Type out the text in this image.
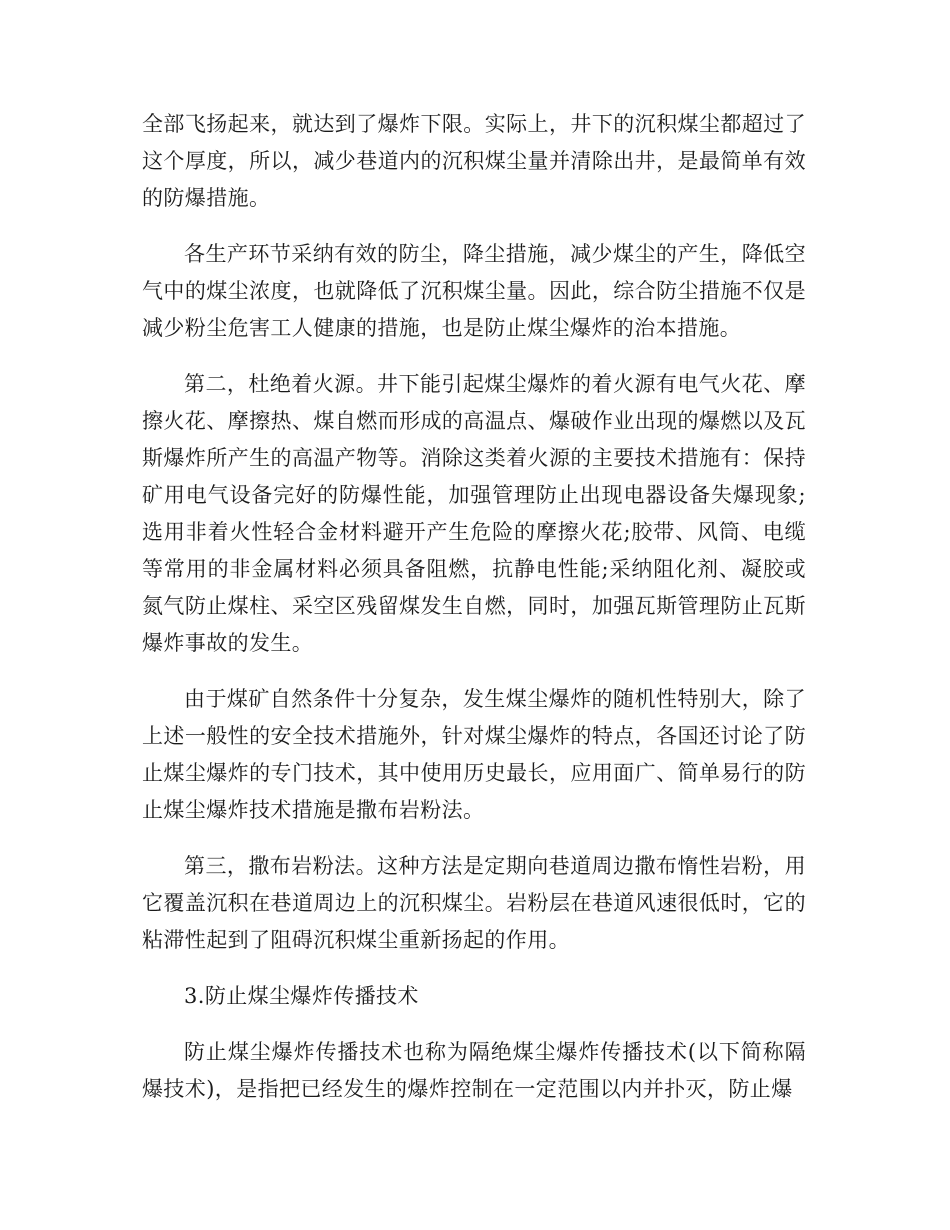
全部飞扬起来，就达到了爆炸下限。实际上，井下的沉积煤尘都超过了这个厚度，所以，减少巷道内的沉积煤尘量并清除出井，是最简单有效的防爆措施。

各生产环节采纳有效的防尘，降尘措施，减少煤尘的产生，降低空气中的煤尘浓度，也就降低了沉积煤尘量。因此，综合防尘措施不仅是减少粉尘危害工人健康的措施，也是防止煤尘爆炸的治本措施。

第二，杜绝着火源。井下能引起煤尘爆炸的着火源有电气火花、摩擦火花、摩擦热、煤自燃而形成的高温点、爆破作业出现的爆燃以及瓦斯爆炸所产生的高温产物等。消除这类着火源的主要技术措施有：保持矿用电气设备完好的防爆性能，加强管理防止出现电器设备失爆现象;选用非着火性轻合金材料避开产生危险的摩擦火花;胶带、风筒、电缆等常用的非金属材料必须具备阻燃，抗静电性能;采纳阻化剂、凝胶或氮气防止煤柱、采空区残留煤发生自燃，同时，加强瓦斯管理防止瓦斯爆炸事故的发生。

由于煤矿自然条件十分复杂，发生煤尘爆炸的随机性特别大，除了上述一般性的安全技术措施外，针对煤尘爆炸的特点，各国还讨论了防止煤尘爆炸的专门技术，其中使用历史最长，应用面广、简单易行的防止煤尘爆炸技术措施是撒布岩粉法。

第三，撒布岩粉法。这种方法是定期向巷道周边撒布惰性岩粉，用它覆盖沉积在巷道周边上的沉积煤尘。岩粉层在巷道风速很低时，它的粘滞性起到了阻碍沉积煤尘重新扬起的作用。

3.防止煤尘爆炸传播技术

防止煤尘爆炸传播技术也称为隔绝煤尘爆炸传播技术(以下简称隔爆技术)，是指把已经发生的爆炸控制在一定范围以内并扑灭，防止爆
